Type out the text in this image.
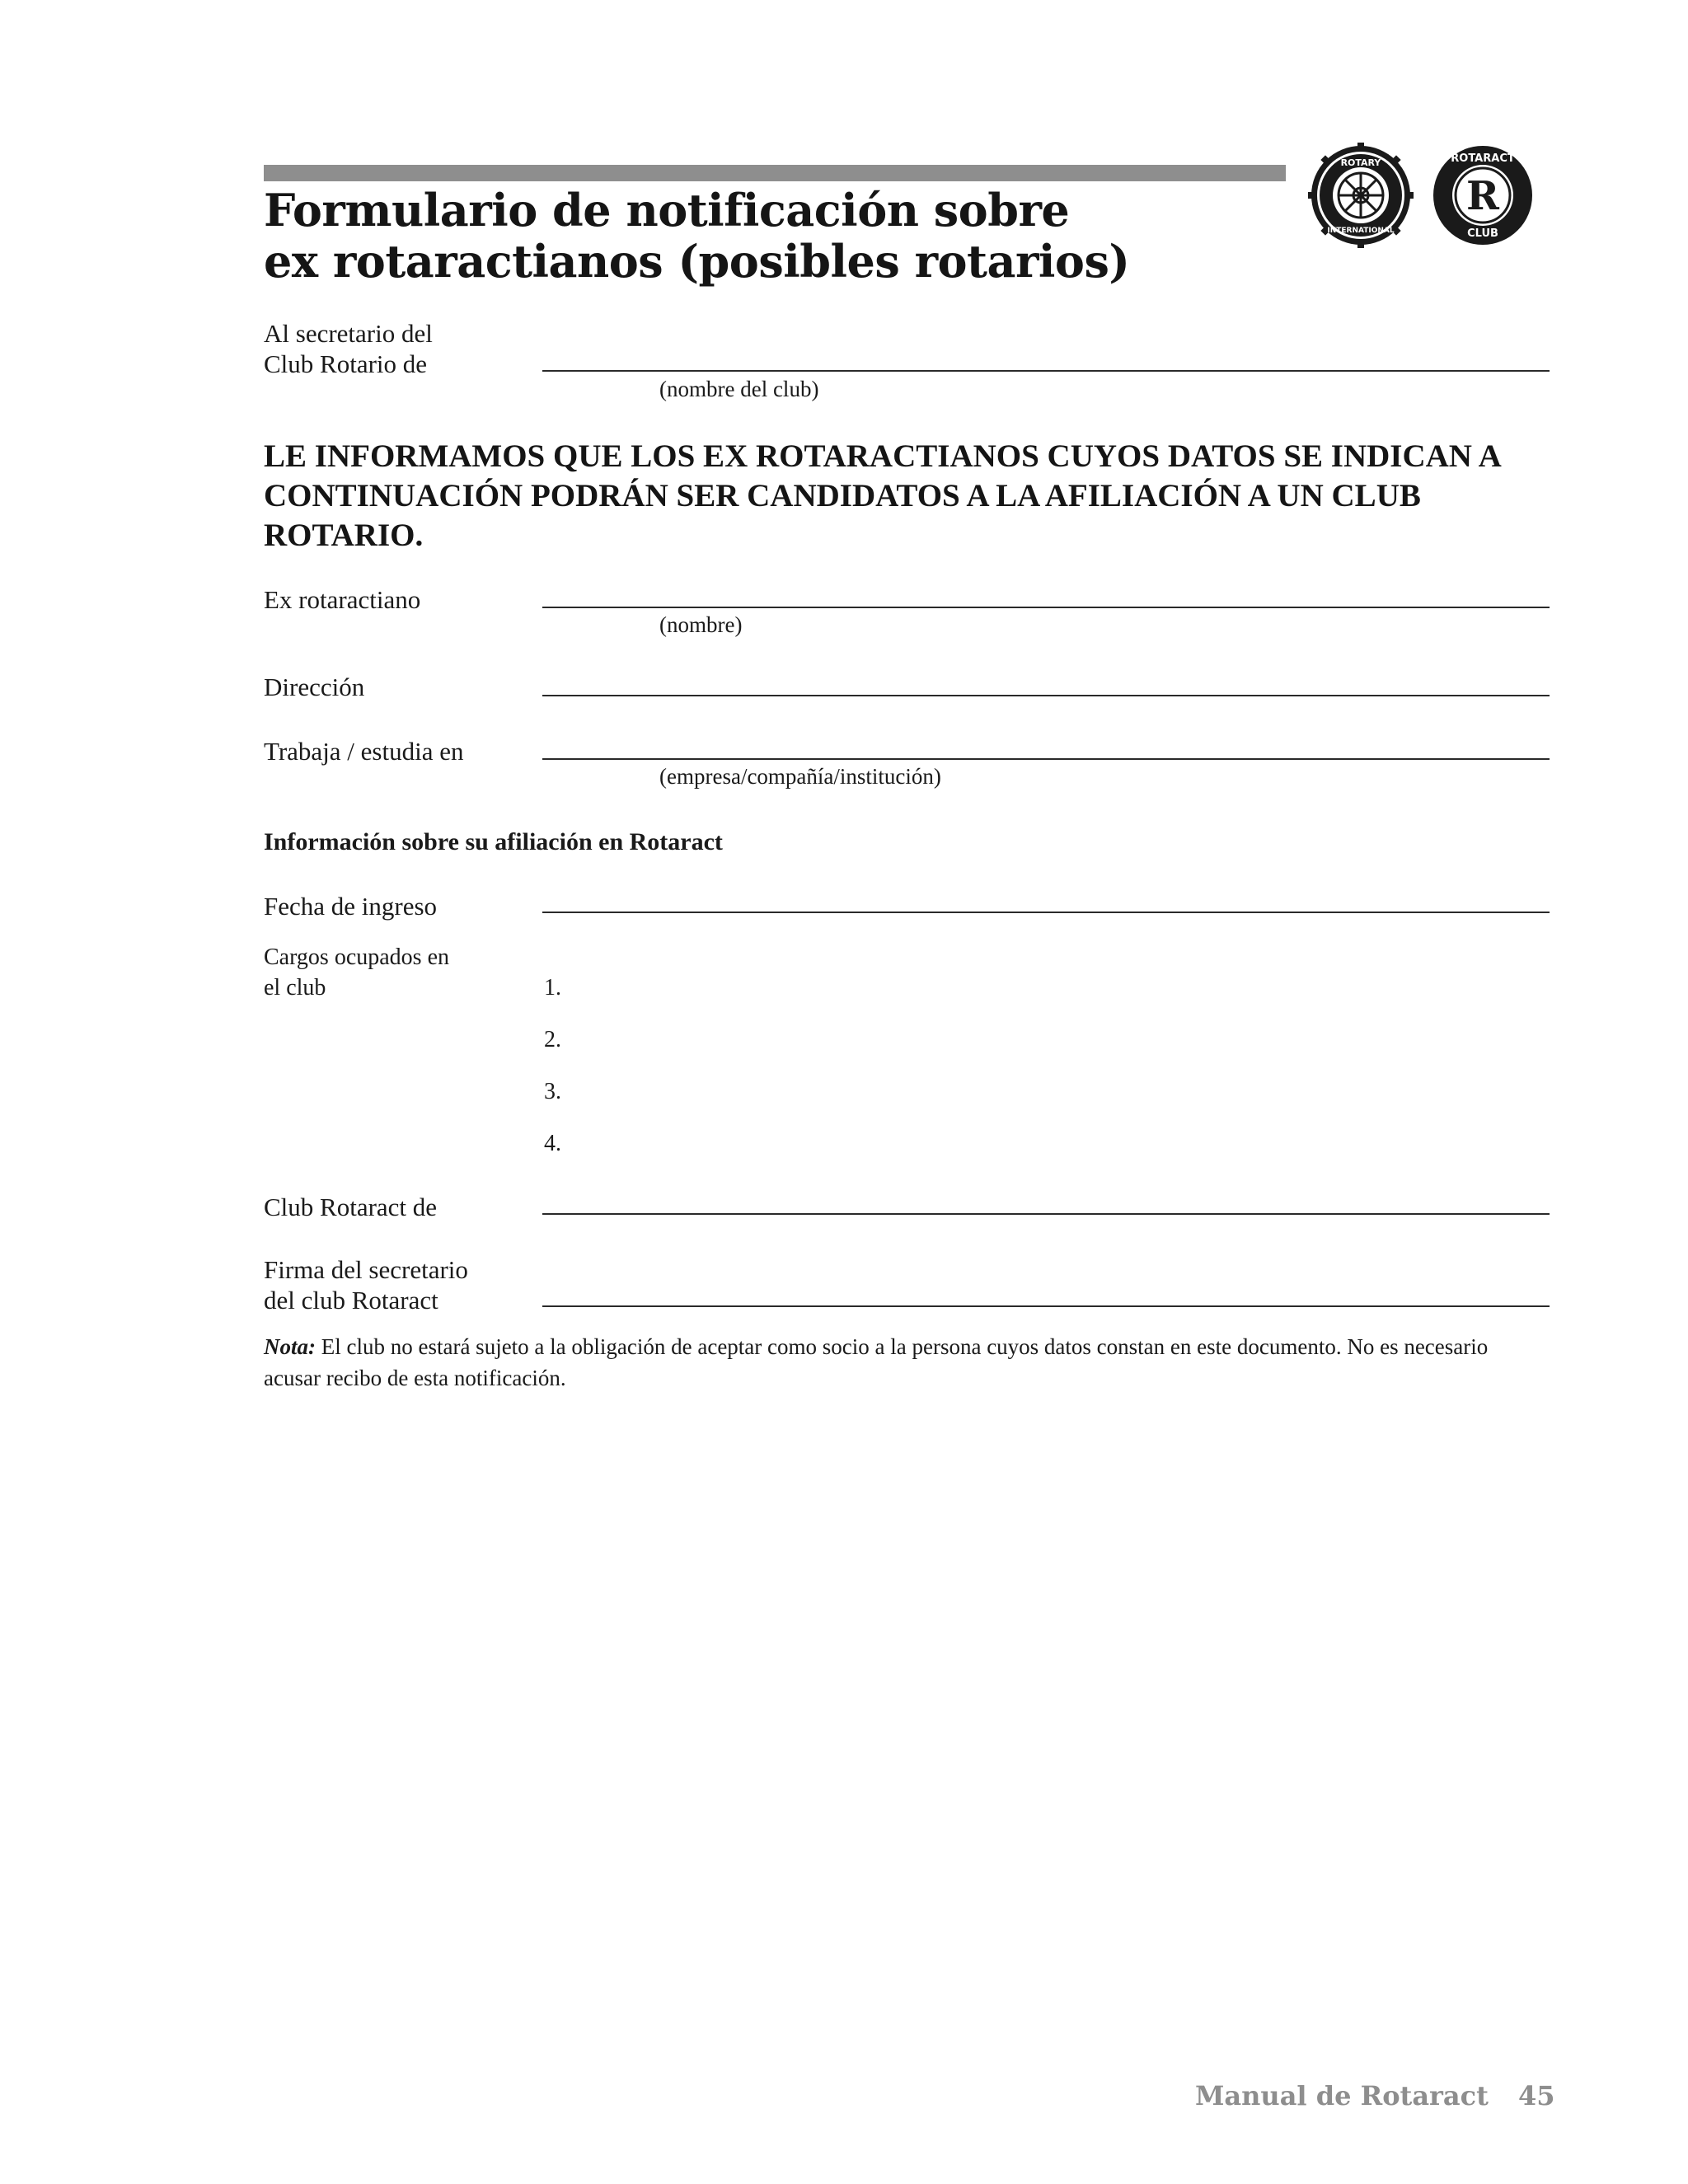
Formulario de notificación sobre
ex rotaractianos (posibles rotarios)
ROTARY
INTERNATIONAL
R
ROTARACT
CLUB
Al secretario del
Club Rotario de
(nombre del club)
LE INFORMAMOS QUE LOS EX ROTARACTIANOS CUYOS DATOS SE INDICAN A CONTINUACIÓN PODRÁN SER CANDIDATOS A LA AFILIACIÓN A UN CLUB ROTARIO.
Ex rotaractiano
(nombre)
Dirección
Trabaja / estudia en
(empresa/compañía/institución)
Información sobre su afiliación en Rotaract
Fecha de ingreso
Cargos ocupados en
el club	1.
2.
3.
4.
Club Rotaract de
Firma del secretario
del club Rotaract
Nota: El club no estará sujeto a la obligación de aceptar como socio a la persona cuyos datos constan en este documento. No es necesario acusar recibo de esta notificación.
Manual de Rotaract 45
